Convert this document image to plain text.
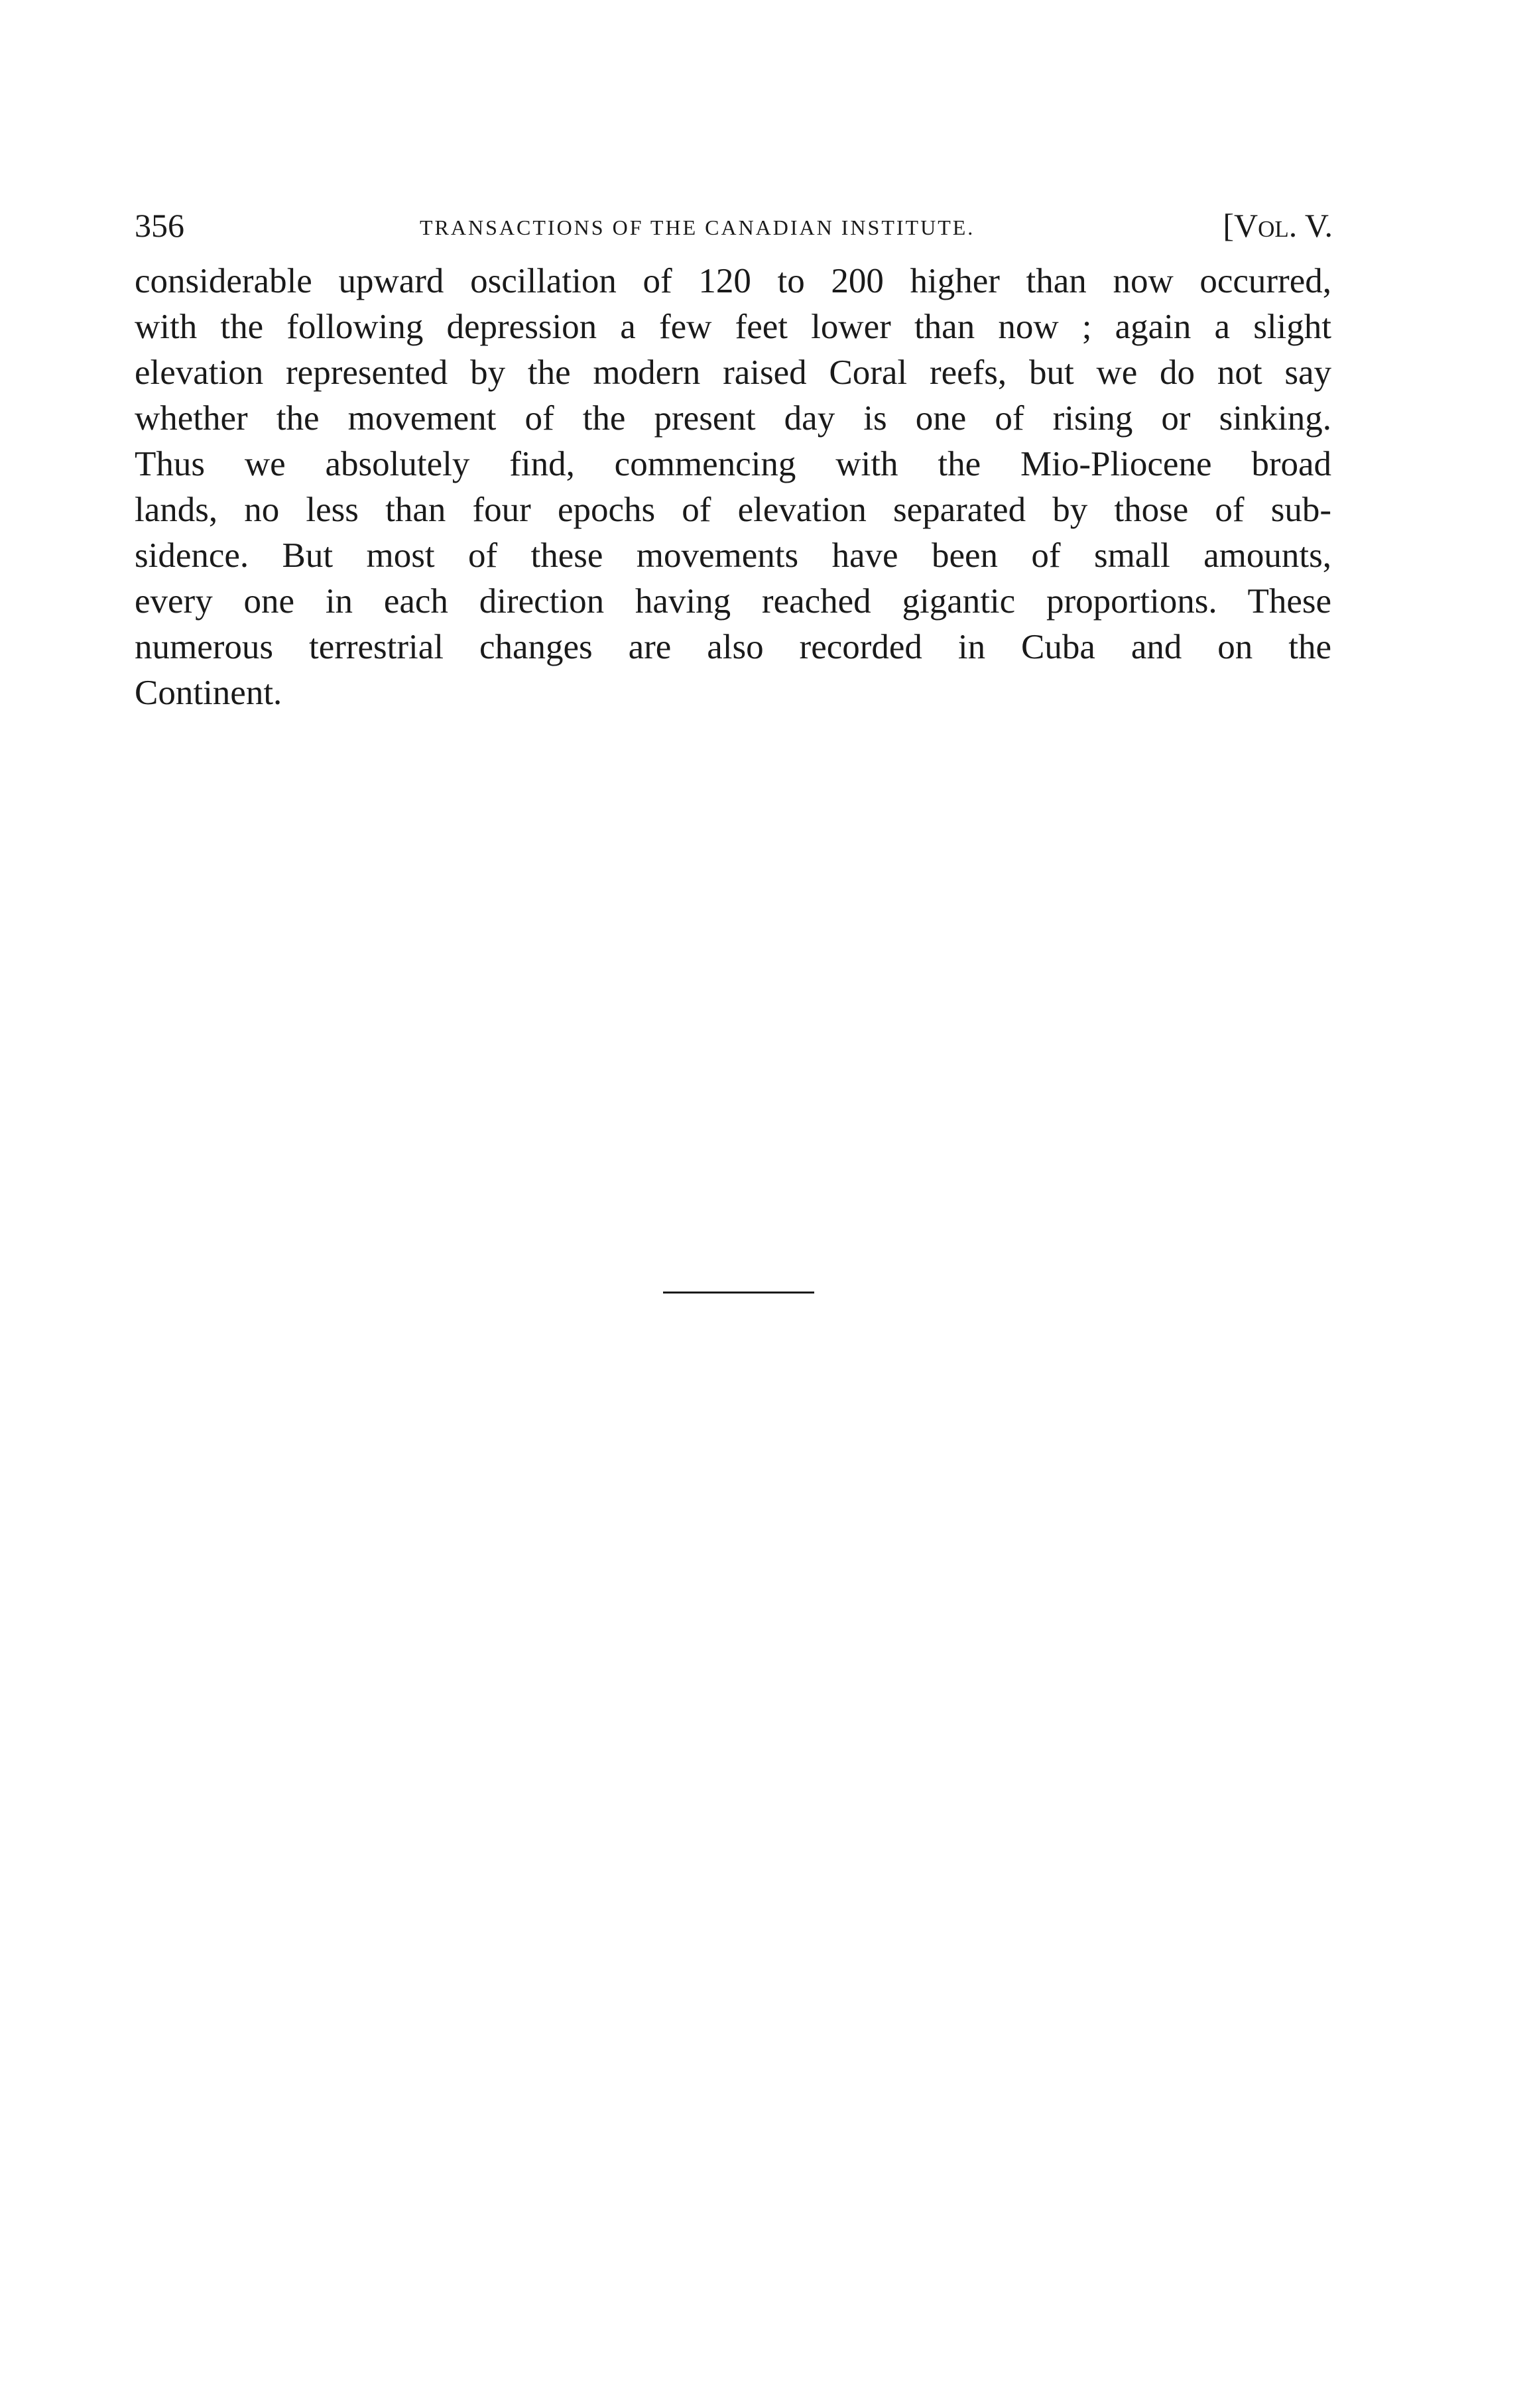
356	TRANSACTIONS OF THE CANADIAN INSTITUTE.	[Vol. V.
considerable upward oscillation of 120 to 200 higher than now occurred,
with the following depression a few feet lower than now ; again a slight
elevation represented by the modern raised Coral reefs, but we do not say
whether the movement of the present day is one of rising or sinking.
Thus we absolutely find, commencing with the Mio-Pliocene broad
lands, no less than four epochs of elevation separated by those of sub-
sidence. But most of these movements have been of small amounts,
every one in each direction having reached gigantic proportions. These
numerous terrestrial changes are also recorded in Cuba and on the
Continent.
